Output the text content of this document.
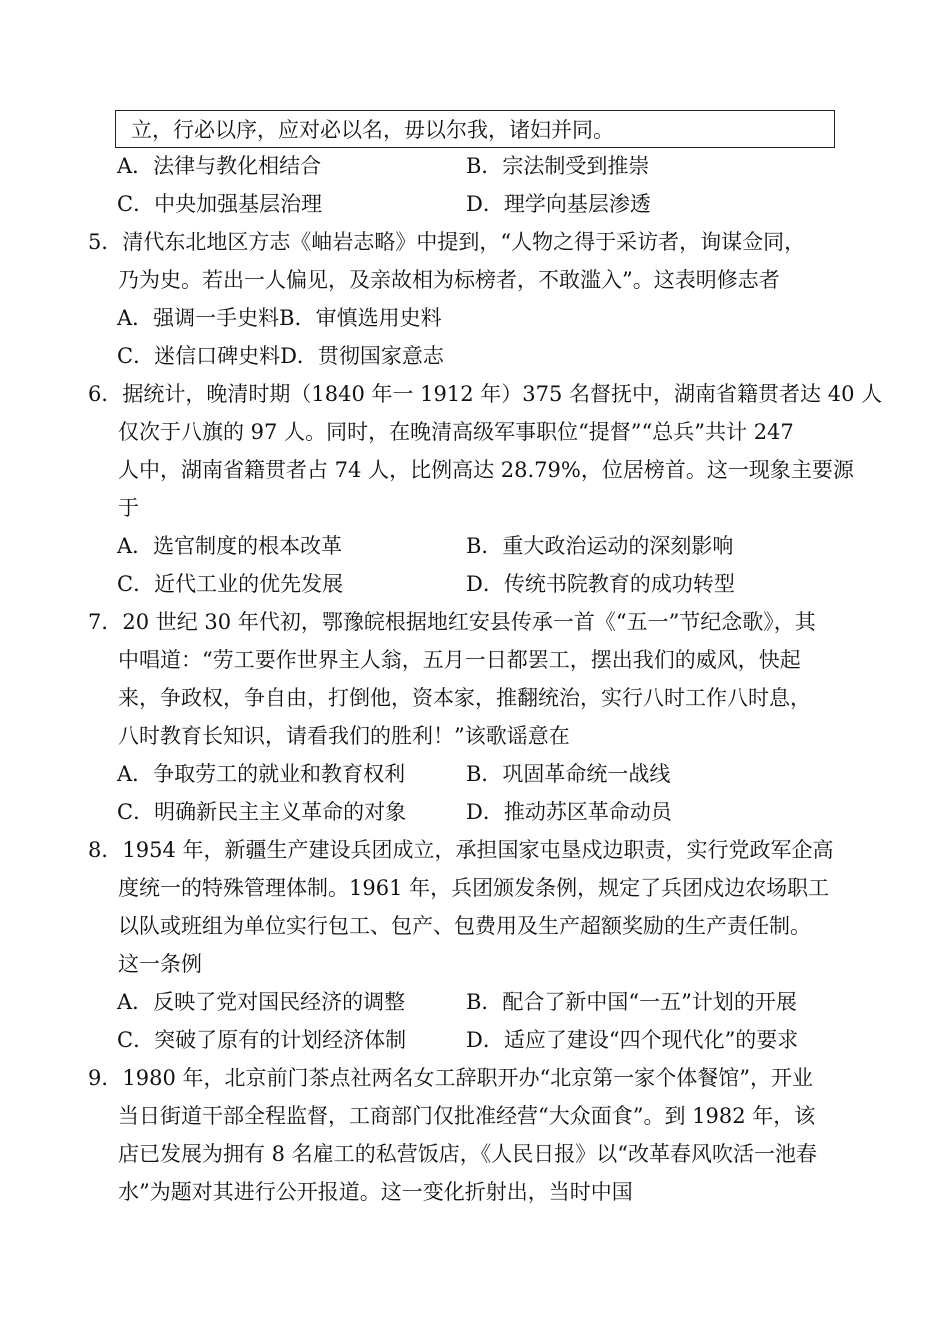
立，行必以序，应对必以名，毋以尔我，诸妇并同。
A．法律与教化相结合	B．宗法制受到推崇
C．中央加强基层治理	D．理学向基层渗透
5．清代东北地区方志《岫岩志略》中提到，“人物之得于采访者，询谋佥同，
乃为史。若出一人偏见，及亲故相为标榜者，不敢滥入”。这表明修志者
A．强调一手史料B．审慎选用史料
C．迷信口碑史料D．贯彻国家意志
6．据统计，晚清时期（1840 年一 1912 年）375 名督抚中，湖南省籍贯者达 40 人
仅次于八旗的 97 人。同时，在晚清高级军事职位“提督”“总兵”共计 247
人中，湖南省籍贯者占 74 人，比例高达 28.79%，位居榜首。这一现象主要源
于
A．选官制度的根本改革	B．重大政治运动的深刻影响
C．近代工业的优先发展	D．传统书院教育的成功转型
7．20 世纪 30 年代初，鄂豫皖根据地红安县传承一首《“五一”节纪念歌》，其
中唱道：“劳工要作世界主人翁，五月一日都罢工，摆出我们的威风，快起
来，争政权，争自由，打倒他，资本家，推翻统治，实行八时工作八时息，
八时教育长知识，请看我们的胜利！”该歌谣意在
A．争取劳工的就业和教育权利	B．巩固革命统一战线
C．明确新民主主义革命的对象	D．推动苏区革命动员
8．1954 年，新疆生产建设兵团成立，承担国家屯垦戍边职责，实行党政军企高
度统一的特殊管理体制。1961 年，兵团颁发条例，规定了兵团戍边农场职工
以队或班组为单位实行包工、包产、包费用及生产超额奖励的生产责任制。
这一条例
A．反映了党对国民经济的调整	B．配合了新中国“一五”计划的开展
C．突破了原有的计划经济体制	D．适应了建设“四个现代化”的要求
9．1980 年，北京前门茶点社两名女工辞职开办“北京第一家个体餐馆”，开业
当日街道干部全程监督，工商部门仅批准经营“大众面食”。到 1982 年，该
店已发展为拥有 8 名雇工的私营饭店，《人民日报》以“改革春风吹活一池春
水”为题对其进行公开报道。这一变化折射出，当时中国
